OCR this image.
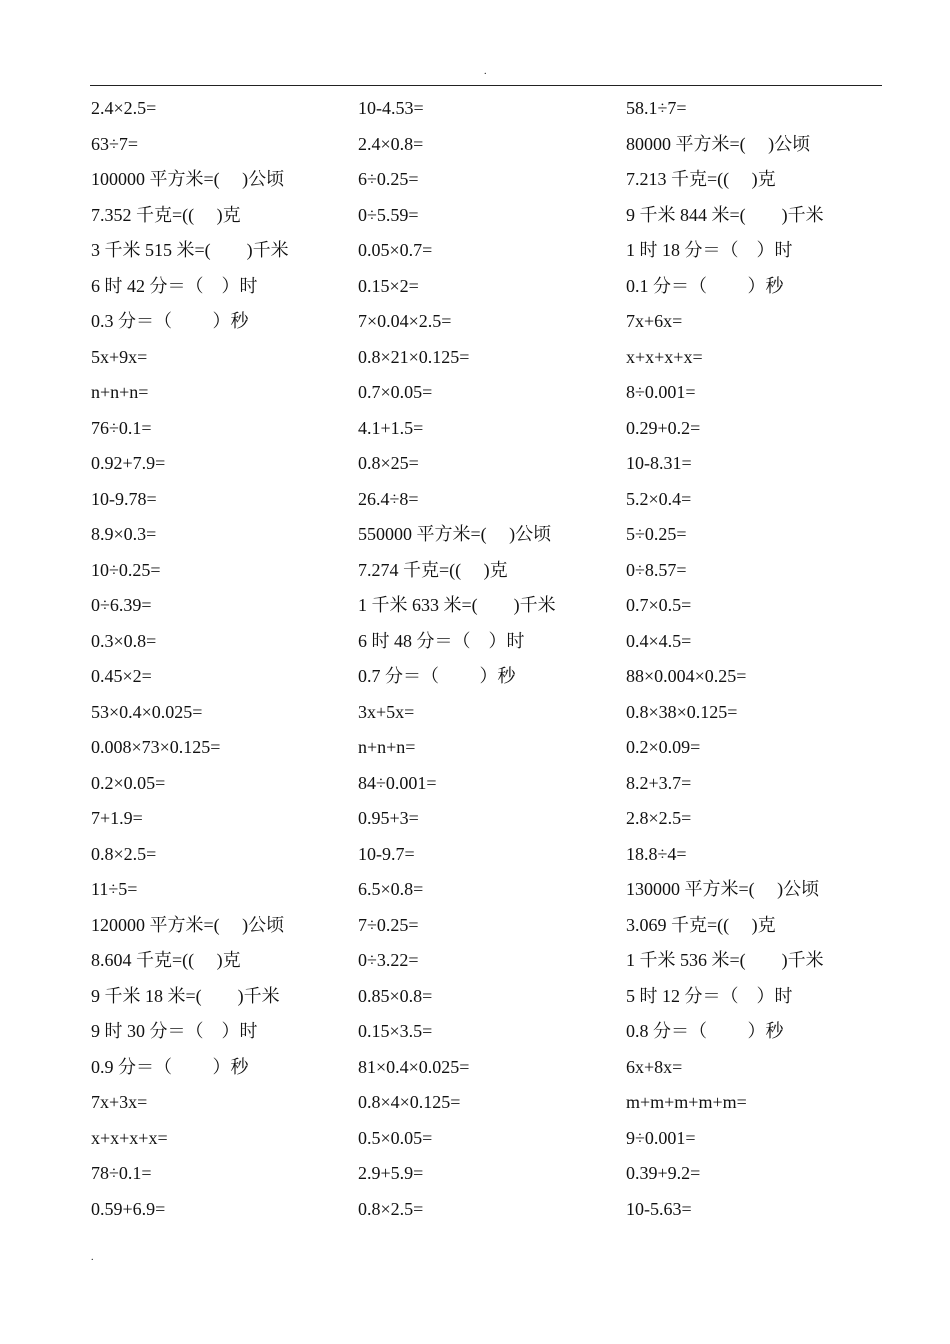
.
2.4×2.5=	10-4.53=	58.1÷7=
63÷7=	2.4×0.8=	80000 平方米=(　 )公顷
100000 平方米=(　 )公顷	6÷0.25=	7.213 千克=((　 )克
7.352 千克=((　 )克	0÷5.59=	9 千米 844 米=(　　)千米
3 千米 515 米=(　　)千米	0.05×0.7=	1 时 18 分＝（　）时
6 时 42 分＝（　）时	0.15×2=	0.1 分＝（　　 ）秒
0.3 分＝（　　 ）秒	7×0.04×2.5=	7x+6x=
5x+9x=	0.8×21×0.125=	x+x+x+x=
n+n+n=	0.7×0.05=	8÷0.001=
76÷0.1=	4.1+1.5=	0.29+0.2=
0.92+7.9=	0.8×25=	10-8.31=
10-9.78=	26.4÷8=	5.2×0.4=
8.9×0.3=	550000 平方米=(　 )公顷	5÷0.25=
10÷0.25=	7.274 千克=((　 )克	0÷8.57=
0÷6.39=	1 千米 633 米=(　　)千米	0.7×0.5=
0.3×0.8=	6 时 48 分＝（　）时	0.4×4.5=
0.45×2=	0.7 分＝（　　 ）秒	88×0.004×0.25=
53×0.4×0.025=	3x+5x=	0.8×38×0.125=
0.008×73×0.125=	n+n+n=	0.2×0.09=
0.2×0.05=	84÷0.001=	8.2+3.7=
7+1.9=	0.95+3=	2.8×2.5=
0.8×2.5=	10-9.7=	18.8÷4=
11÷5=	6.5×0.8=	130000 平方米=(　 )公顷
120000 平方米=(　 )公顷	7÷0.25=	3.069 千克=((　 )克
8.604 千克=((　 )克	0÷3.22=	1 千米 536 米=(　　)千米
9 千米 18 米=(　　)千米	0.85×0.8=	5 时 12 分＝（　）时
9 时 30 分＝（　）时	0.15×3.5=	0.8 分＝（　　 ）秒
0.9 分＝（　　 ）秒	81×0.4×0.025=	6x+8x=
7x+3x=	0.8×4×0.125=	m+m+m+m+m=
x+x+x+x=	0.5×0.05=	9÷0.001=
78÷0.1=	2.9+5.9=	0.39+9.2=
0.59+6.9=	0.8×2.5=	10-5.63=
.
